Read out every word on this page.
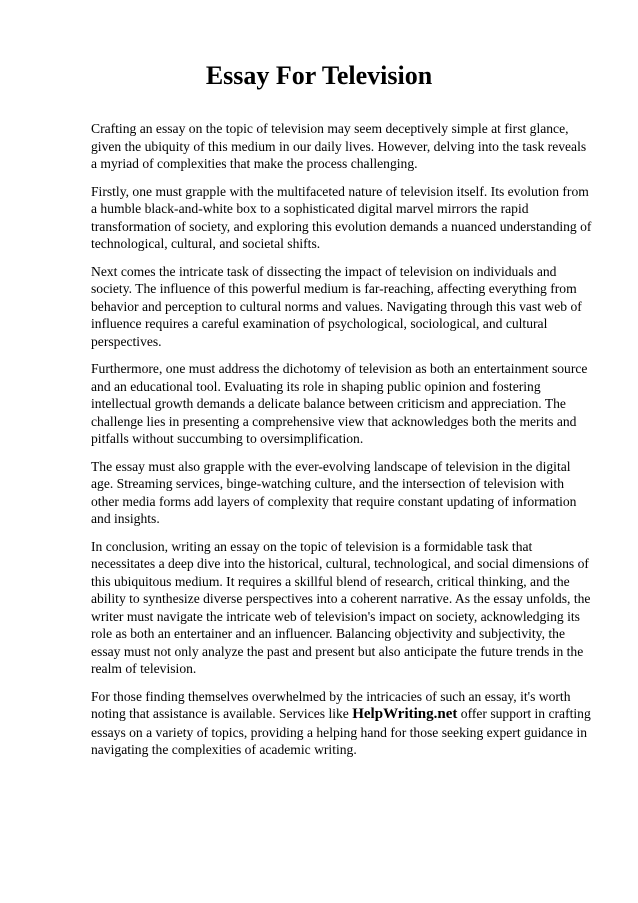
Essay For Television

Crafting an essay on the topic of television may seem deceptively simple at first glance, given the ubiquity of this medium in our daily lives. However, delving into the task reveals a myriad of complexities that make the process challenging.

Firstly, one must grapple with the multifaceted nature of television itself. Its evolution from a humble black-and-white box to a sophisticated digital marvel mirrors the rapid transformation of society, and exploring this evolution demands a nuanced understanding of technological, cultural, and societal shifts.

Next comes the intricate task of dissecting the impact of television on individuals and society. The influence of this powerful medium is far-reaching, affecting everything from behavior and perception to cultural norms and values. Navigating through this vast web of influence requires a careful examination of psychological, sociological, and cultural perspectives.

Furthermore, one must address the dichotomy of television as both an entertainment source and an educational tool. Evaluating its role in shaping public opinion and fostering intellectual growth demands a delicate balance between criticism and appreciation. The challenge lies in presenting a comprehensive view that acknowledges both the merits and pitfalls without succumbing to oversimplification.

The essay must also grapple with the ever-evolving landscape of television in the digital age. Streaming services, binge-watching culture, and the intersection of television with other media forms add layers of complexity that require constant updating of information and insights.

In conclusion, writing an essay on the topic of television is a formidable task that necessitates a deep dive into the historical, cultural, technological, and social dimensions of this ubiquitous medium. It requires a skillful blend of research, critical thinking, and the ability to synthesize diverse perspectives into a coherent narrative. As the essay unfolds, the writer must navigate the intricate web of television's impact on society, acknowledging its role as both an entertainer and an influencer. Balancing objectivity and subjectivity, the essay must not only analyze the past and present but also anticipate the future trends in the realm of television.

For those finding themselves overwhelmed by the intricacies of such an essay, it's worth noting that assistance is available. Services like HelpWriting.net offer support in crafting essays on a variety of topics, providing a helping hand for those seeking expert guidance in navigating the complexities of academic writing.
